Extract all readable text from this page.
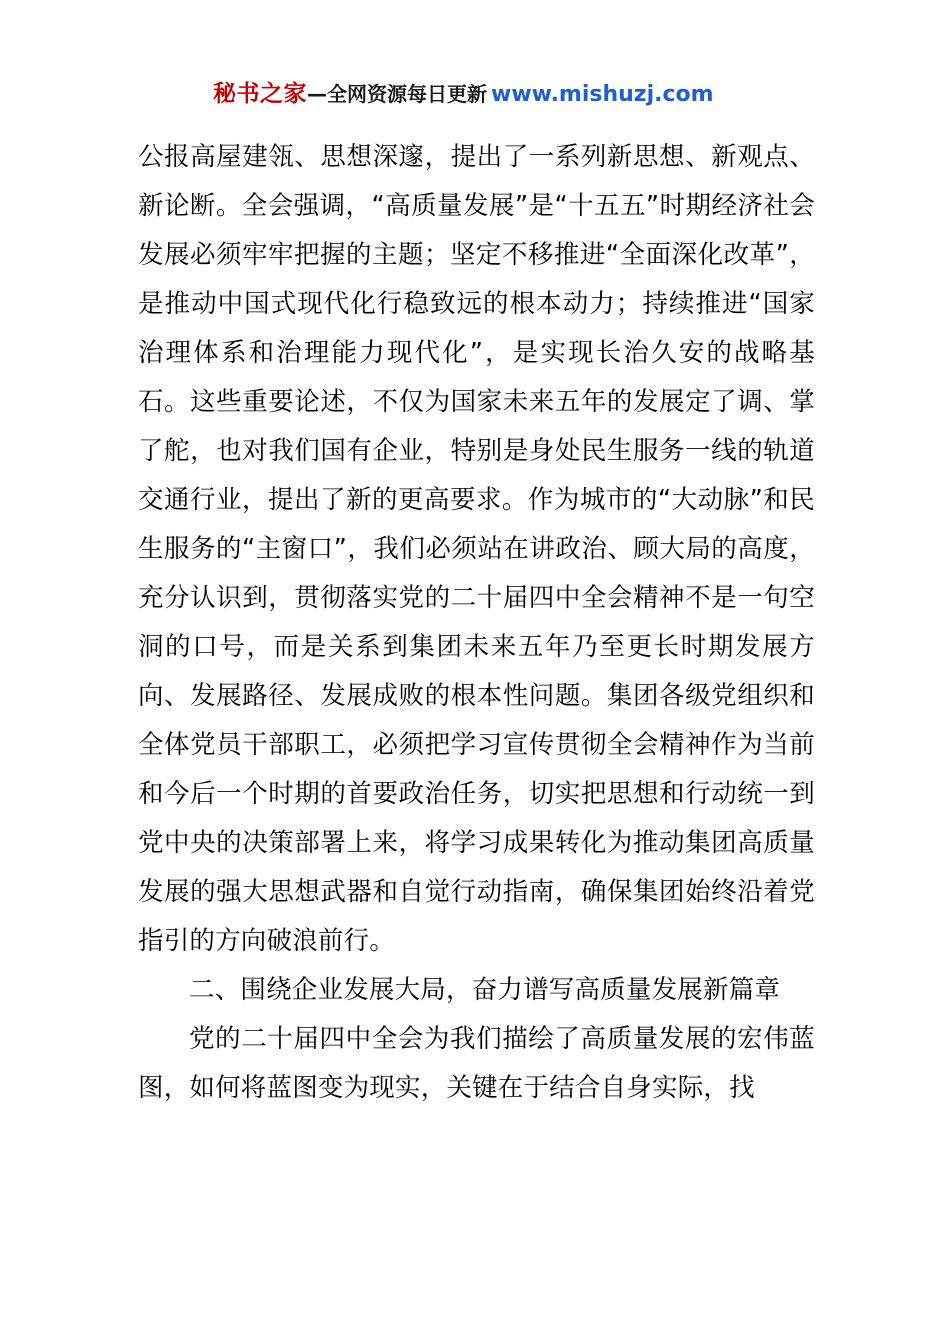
秘书之家—全网资源每日更新 www.mishuzj.com

公报高屋建瓴、思想深邃，提出了一系列新思想、新观点、新论断。全会强调，“高质量发展”是“十五五”时期经济社会发展必须牢牢把握的主题；坚定不移推进“全面深化改革”，是推动中国式现代化行稳致远的根本动力；持续推进“国家治理体系和治理能力现代化”，是实现长治久安的战略基石。这些重要论述，不仅为国家未来五年的发展定了调、掌了舵，也对我们国有企业，特别是身处民生服务一线的轨道交通行业，提出了新的更高要求。作为城市的“大动脉”和民生服务的“主窗口”，我们必须站在讲政治、顾大局的高度，充分认识到，贯彻落实党的二十届四中全会精神不是一句空洞的口号，而是关系到集团未来五年乃至更长时期发展方向、发展路径、发展成败的根本性问题。集团各级党组织和全体党员干部职工，必须把学习宣传贯彻全会精神作为当前和今后一个时期的首要政治任务，切实把思想和行动统一到党中央的决策部署上来，将学习成果转化为推动集团高质量发展的强大思想武器和自觉行动指南，确保集团始终沿着党指引的方向破浪前行。

二、围绕企业发展大局，奋力谱写高质量发展新篇章

党的二十届四中全会为我们描绘了高质量发展的宏伟蓝图，如何将蓝图变为现实，关键在于结合自身实际，找
